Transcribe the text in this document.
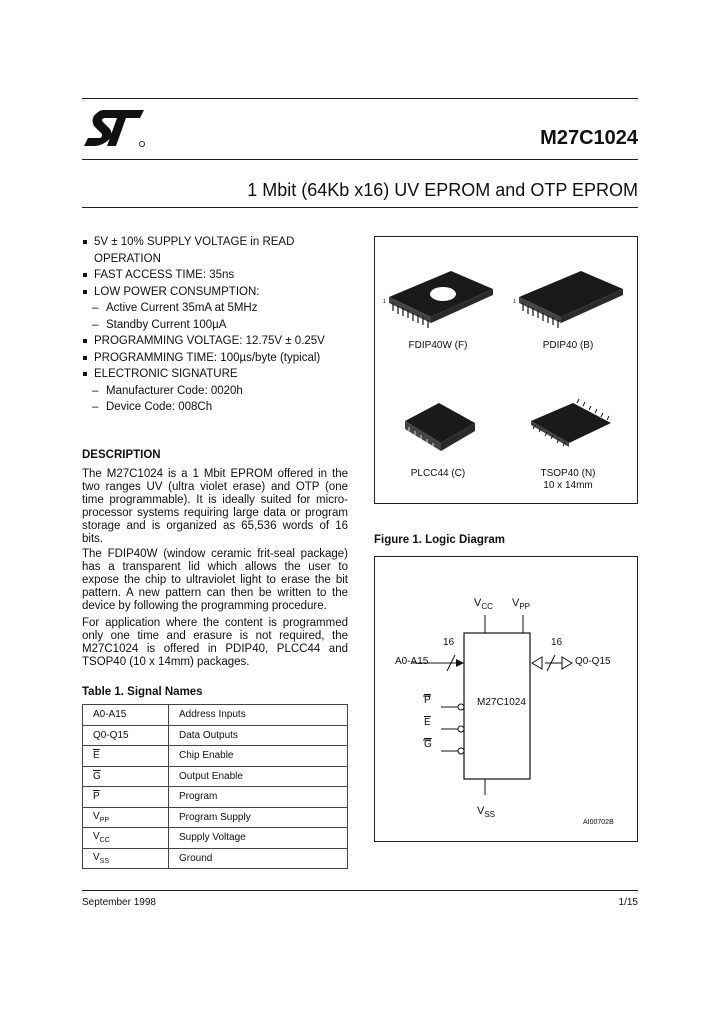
M27C1024
1 Mbit (64Kb x16) UV EPROM and OTP EPROM
5V ± 10% SUPPLY VOLTAGE in READ
OPERATION
FAST ACCESS TIME: 35ns
LOW POWER CONSUMPTION:
– Active Current 35mA at 5MHz
– Standby Current 100µA
PROGRAMMING VOLTAGE: 12.75V ± 0.25V
PROGRAMMING TIME: 100µs/byte (typical)
ELECTRONIC SIGNATURE
– Manufacturer Code: 0020h
– Device Code: 008Ch
DESCRIPTION

The M27C1024 is a 1 Mbit EPROM offered in the two ranges UV (ultra violet erase) and OTP (one time programmable). It is ideally suited for micro-processor systems requiring large data or program storage and is organized as 65,536 words of 16 bits.

The FDIP40W (window ceramic frit-seal package) has a transparent lid which allows the user to expose the chip to ultraviolet light to erase the bit pattern. A new pattern can then be written to the device by following the programming procedure.

For application where the content is programmed only one time and erasure is not required, the M27C1024 is offered in PDIP40, PLCC44 and TSOP40 (10 x 14mm) packages.

1
FDIP40W (F)
1
PDIP40 (B)
PLCC44 (C)	TSOP40 (N)
10 x 14mm
Figure 1. Logic Diagram
$V_{CC}$ $V_{PP}$
$V_{SS}$
16	16
A0-A15	Q0-Q15
M27C1024
$\overline{P}$
$\overline{E}$
$\overline{G}$
AI00702B
Table 1. Signal Names
A0-A15	Address Inputs
Q0-Q15	Data Outputs
$\overline{E}$	Chip Enable
$\overline{G}$	Output Enable
$\overline{P}$	Program
$V_{PP}$	Program Supply
$V_{CC}$	Supply Voltage
$V_{SS}$	Ground
September 1998	1/15
